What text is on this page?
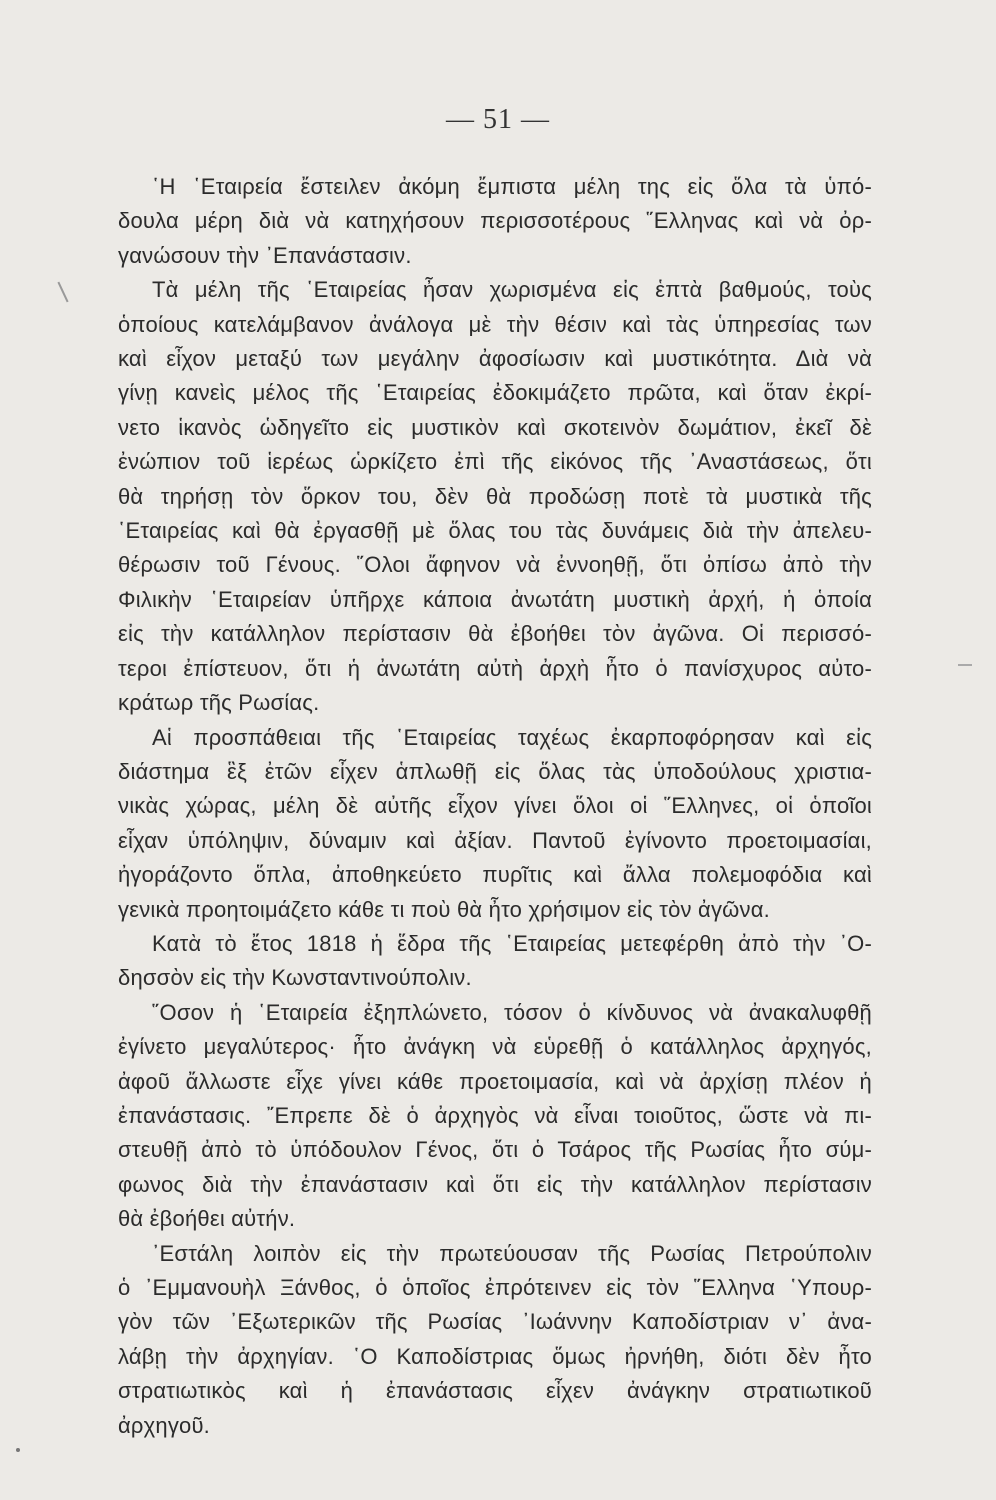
— 51 —
῾Η ῾Εταιρεία ἔστειλεν ἀκόμη ἔμπιστα μέλη της εἰς ὅλα τὰ ὑπό-
δουλα μέρη διὰ νὰ κατηχήσουν περισσοτέρους ῞Ελληνας καὶ νὰ ὀρ-
γανώσουν τὴν ᾿Επανάστασιν.
Τὰ μέλη τῆς ῾Εταιρείας ἦσαν χωρισμένα εἰς ἑπτὰ βαθμούς, τοὺς
ὁποίους κατελάμβανον ἀνάλογα μὲ τὴν θέσιν καὶ τὰς ὑπηρεσίας των
καὶ εἶχον μεταξύ των μεγάλην ἀφοσίωσιν καὶ μυστικότητα. Διὰ νὰ
γίνῃ κανεὶς μέλος τῆς ῾Εταιρείας ἐδοκιμάζετο πρῶτα, καὶ ὅταν ἐκρί-
νετο ἱκανὸς ὡδηγεῖτο εἰς μυστικὸν καὶ σκοτεινὸν δωμάτιον, ἐκεῖ δὲ
ἐνώπιον τοῦ ἱερέως ὡρκίζετο ἐπὶ τῆς εἰκόνος τῆς ᾿Αναστάσεως, ὅτι
θὰ τηρήσῃ τὸν ὅρκον του, δὲν θὰ προδώσῃ ποτὲ τὰ μυστικὰ τῆς
῾Εταιρείας καὶ θὰ ἐργασθῇ μὲ ὅλας του τὰς δυνάμεις διὰ τὴν ἀπελευ-
θέρωσιν τοῦ Γένους. ῞Ολοι ἄφηνον νὰ ἐννοηθῇ, ὅτι ὀπίσω ἀπὸ τὴν
Φιλικὴν ῾Εταιρείαν ὑπῆρχε κάποια ἀνωτάτη μυστικὴ ἀρχή, ἡ ὁποία
εἰς τὴν κατάλληλον περίστασιν θὰ ἐβοήθει τὸν ἀγῶνα. Οἱ περισσό-
τεροι ἐπίστευον, ὅτι ἡ ἀνωτάτη αὐτὴ ἀρχὴ ἦτο ὁ πανίσχυρος αὐτο-
κράτωρ τῆς Ρωσίας.
Αἱ προσπάθειαι τῆς ῾Εταιρείας ταχέως ἐκαρποφόρησαν καὶ εἰς
διάστημα ἓξ ἐτῶν εἶχεν ἁπλωθῇ εἰς ὅλας τὰς ὑποδούλους χριστια-
νικὰς χώρας, μέλη δὲ αὐτῆς εἶχον γίνει ὅλοι οἱ ῞Ελληνες, οἱ ὁποῖοι
εἶχαν ὑπόληψιν, δύναμιν καὶ ἀξίαν. Παντοῦ ἐγίνοντο προετοιμασίαι,
ἠγοράζοντο ὅπλα, ἀποθηκεύετο πυρῖτις καὶ ἄλλα πολεμοφόδια καὶ
γενικὰ προητοιμάζετο κάθε τι ποὺ θὰ ἦτο χρήσιμον εἰς τὸν ἀγῶνα.
Κατὰ τὸ ἔτος 1818 ἡ ἕδρα τῆς ῾Εταιρείας μετεφέρθη ἀπὸ τὴν ᾿Ο-
δησσὸν εἰς τὴν Κωνσταντινούπολιν.
῞Οσον ἡ ῾Εταιρεία ἐξηπλώνετο, τόσον ὁ κίνδυνος νὰ ἀνακαλυφθῇ
ἐγίνετο μεγαλύτερος· ἦτο ἀνάγκη νὰ εὑρεθῇ ὁ κατάλληλος ἀρχηγός,
ἀφοῦ ἄλλωστε εἶχε γίνει κάθε προετοιμασία, καὶ νὰ ἀρχίσῃ πλέον ἡ
ἐπανάστασις. ῎Επρεπε δὲ ὁ ἀρχηγὸς νὰ εἶναι τοιοῦτος, ὥστε νὰ πι-
στευθῇ ἀπὸ τὸ ὑπόδουλον Γένος, ὅτι ὁ Τσάρος τῆς Ρωσίας ἦτο σύμ-
φωνος διὰ τὴν ἐπανάστασιν καὶ ὅτι εἰς τὴν κατάλληλον περίστασιν
θὰ ἐβοήθει αὐτήν.
᾿Εστάλη λοιπὸν εἰς τὴν πρωτεύουσαν τῆς Ρωσίας Πετρούπολιν
ὁ ᾿Εμμανουὴλ Ξάνθος, ὁ ὁποῖος ἐπρότεινεν εἰς τὸν ῞Ελληνα ῾Υπουρ-
γὸν τῶν ᾿Εξωτερικῶν τῆς Ρωσίας ᾿Ιωάννην Καποδίστριαν ν᾿ ἀνα-
λάβῃ τὴν ἀρχηγίαν. ῾Ο Καποδίστριας ὅμως ἠρνήθη, διότι δὲν ἦτο
στρατιωτικὸς καὶ ἡ ἐπανάστασις εἶχεν ἀνάγκην στρατιωτικοῦ
ἀρχηγοῦ.
